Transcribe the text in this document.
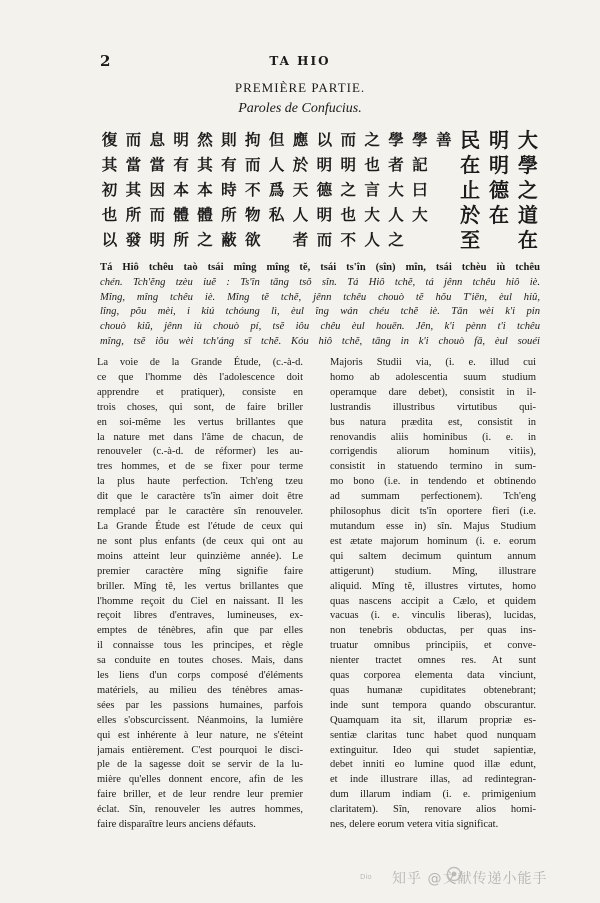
2	TA HIO
PREMIÈRE PARTIE.
Paroles de Confucius.
大
學
之
道
在
明
明
德
在
民
在
止
於
至
善
學
記
曰
大
學
者
大
人
之
之
也
言
大
人
而
明
之
也
不
以
明
德
明
而
應
於
天
人
者
但
人
爲
私
拘
而
不
物
欲
則
有
時
所
蔽
然
其
本
體
之
明
有
本
體
所
息
當
因
而
明
而
當
其
所
發
復
其
初
也
以

Tá Hiô tchêu taò tsái mîng mîng tĕ, tsái ts'în (sîn) mîn, tsái tchèu iù tchêu

chén. Tch'ĕng tzèu iuĕ : Ts'în tāng tsŏ sîn. Tá Hiô tchĕ, tá jênn tchêu hiô iè.

Mîng, mîng tchêu iè. Mîng tĕ tchĕ, jênn tchêu chouò tĕ hŏu T'iēn, èul hiû,

lîng, pŏu mèi, i kiú tchóung lì, èul îng wán chéu tchĕ iè. Tān wèi k'i pin

chouò kiŭ, jênn iù chouò pí, tsĕ iôu chêu èul houēn. Jên, k'i pènn t'i tchêu

mîng, tsĕ iôu wèi tch'áng sī tchĕ. Kóu hiô tchĕ, tāng in k'i chouò fā, èul souéi

La voie de la Grande Étude, (c.-à-d.
ce que l'homme dès l'adolescence doit
apprendre et pratiquer), consiste en
trois choses, qui sont, de faire briller
en soi-même les vertus brillantes que
la nature met dans l'âme de chacun, de
renouveler (c.-à-d. de réformer) les au-
tres hommes, et de se fixer pour terme
la plus haute perfection. Tch'eng tzeu
dit que le caractère ts'în aimer doit être
remplacé par le caractère sîn renouveler.
La Grande Étude est l'étude de ceux qui
ne sont plus enfants (de ceux qui ont au
moins atteint leur quinzième année). Le
premier caractère mîng signifie faire
briller. Mîng tĕ, les vertus brillantes que
l'homme reçoit du Ciel en naissant. Il les
reçoit libres d'entraves, lumineuses, ex-
emptes de ténèbres, afin que par elles
il connaisse tous les principes, et règle
sa conduite en toutes choses. Mais, dans
les liens d'un corps composé d'éléments
matériels, au milieu des ténèbres amas-
sées par les passions humaines, parfois
elles s'obscurcissent. Néanmoins, la lumière
qui est inhérente à leur nature, ne s'éteint
jamais entièrement. C'est pourquoi le disci-
ple de la sagesse doit se servir de la lu-
mière qu'elles donnent encore, afin de les
faire briller, et de leur rendre leur premier
éclat. Sîn, renouveler les autres hommes,
faire disparaître leurs anciens défauts.
Majoris Studii via, (i. e. illud cui
homo ab adolescentia suum studium
operamque dare debet), consistit in il-
lustrandis illustribus virtutibus qui-
bus natura prædita est, consistit in
renovandis aliis hominibus (i. e. in
corrigendis aliorum hominum vitiis),
consistit in statuendo termino in sum-
mo bono (i.e. in tendendo et obtinendo
ad summam perfectionem). Tch'eng
philosophus dicit ts'în oportere fieri (i.e.
mutandum esse in) sîn. Majus Studium
est ætate majorum hominum (i. e. eorum
qui saltem decimum quintum annum
attigerunt) studium. Mîng, illustrare
aliquid. Mîng tĕ, illustres virtutes, homo
quas nascens accipit a Cælo, et quidem
vacuas (i. e. vinculis liberas), lucidas,
non tenebris obductas, per quas ins-
truatur omnibus principiis, et conve-
nienter tractet omnes res. At sunt
quas corporea elementa data vinciunt,
quas humanæ cupiditates obtenebrant;
inde sunt tempora quando obscurantur.
Quamquam ita sit, illarum propriæ es-
sentiæ claritas tunc habet quod nunquam
extinguitur. Ideo qui studet sapientiæ,
debet inniti eo lumine quod illæ edunt,
et inde illustrare illas, ad redintegran-
dum illarum indiam (i. e. primigenium
claritatem). Sîn, renovare alios homi-
nes, delere eorum vetera vitia significat.
Dio 知乎 @文献传递小能手
